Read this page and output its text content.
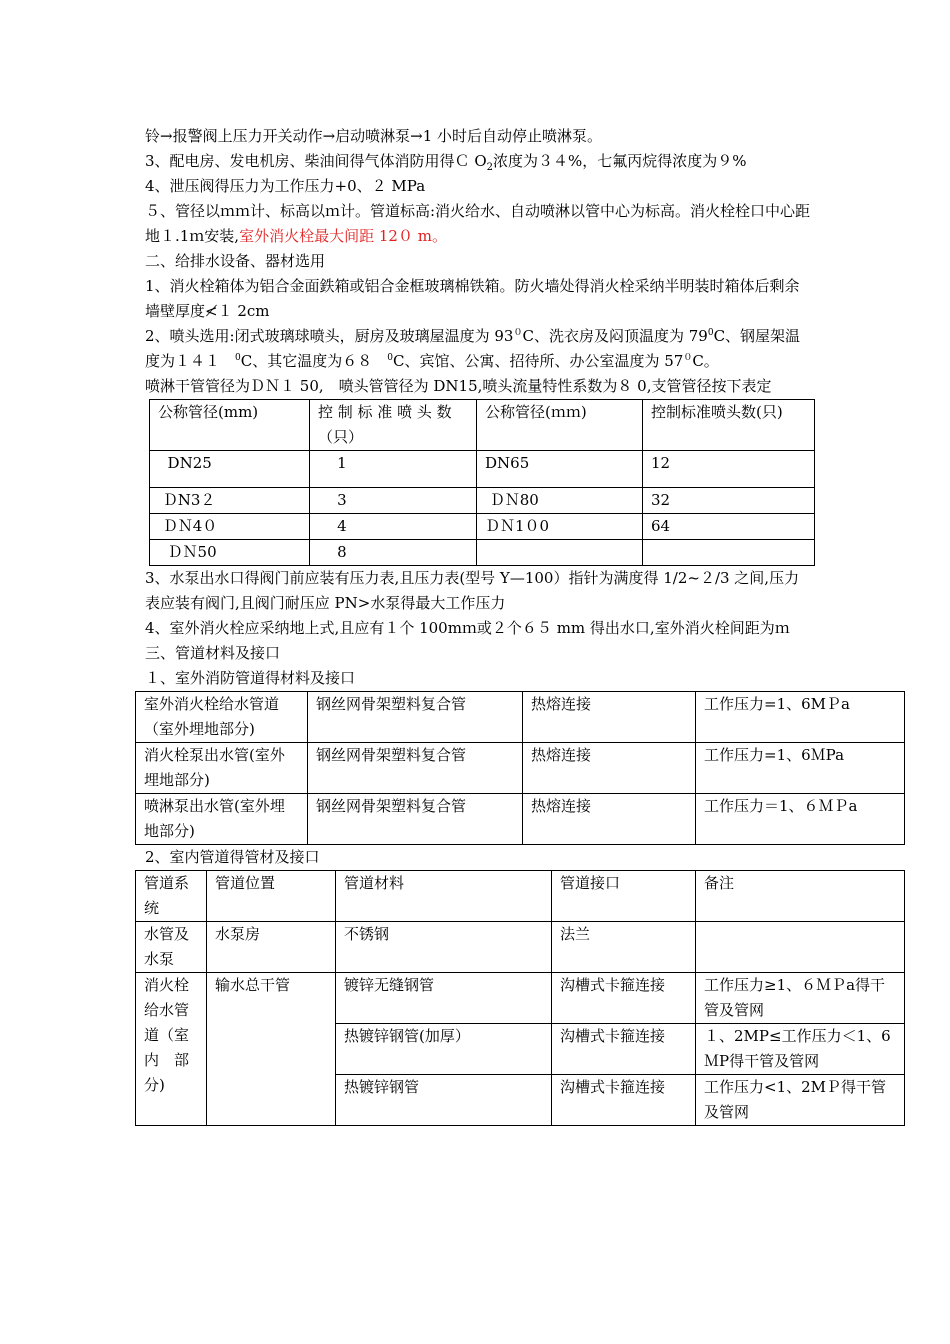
铃→报警阀上压力开关动作→启动喷淋泵→1 小时后自动停止喷淋泵。

3、配电房、发电机房、柴油间得气体消防用得Ｃ $O_2$浓度为３４%，七氟丙烷得浓度为９%

4、泄压阀得压力为工作压力+0、２ MPa

５、管径以ｍｍ计、标高以ｍ计。管道标高:消火给水、自动喷淋以管中心为标高。消火栓栓口中心距地１.1ｍ安装,室外消火栓最大间距 12０ m。

二、给排水设备、器材选用

1、消火栓箱体为铝合金面鉄箱或铝合金框玻璃棉铁箱。防火墙处得消火栓采纳半明装时箱体后剩余墙壁厚度≮１ 2cm

2、喷头选用:闭式玻璃球喷头，厨房及玻璃屋温度为 $93^0C$、洗衣房及闷顶温度为 $79^0C$、钢屋架温度为１４１　$^0$C、其它温度为６８　$^0$C、宾馆、公寓、招待所、办公室温度为 $57^0C$。

喷淋干管管径为ＤＮ１ 50,　喷头管管径为 DN15,喷头流量特性系数为８ 0,支管管径按下表定

公称管径(mm)	控 制 标 准 喷 头 数（只）	公称管径(ｍｍ)	控制标准喷头数(只)
DN25	1	DN65	12
ＤN3２	3	ＤＮ80	32
ＤＮ4０	4	ＤＮ1０0	64
ＤＮ50	8		

3、水泵出水口得阀门前应装有压力表,且压力表(型号 Y—100）指针为满度得 1/2~２/3 之间,压力表应装有阀门,且阀门耐压应 PN>水泵得最大工作压力

4、室外消火栓应采纳地上式,且应有１个 100mｍ或２个６５ mm 得出水口,室外消火栓间距为ｍ

三、管道材料及接口

１、室外消防管道得材料及接口

室外消火栓给水管道（室外埋地部分)	钢丝网骨架塑料复合管	热熔连接	工作压力=1、6MＰa
消火栓泵出水管(室外埋地部分)	钢丝网骨架塑料复合管	热熔连接	工作压力=1、6ＭPa
喷淋泵出水管(室外埋地部分)	钢丝网骨架塑料复合管	热熔连接	工作压力＝1、６ＭＰa

2、室内管道得管材及接口

管道系统	管道位置	管道材料	管道接口	备注
水管及水泵	水泵房	不锈钢	法兰	
消火栓给水管道（室内　部分)	输水总干管	镀锌无缝钢管	沟槽式卡箍连接	工作压力≥1、６ＭＰa得干管及管网
		热镀锌钢管(加厚）	沟槽式卡箍连接	１、2MP≤工作压力＜1、6ＭP得干管及管网
		热镀锌钢管	沟槽式卡箍连接	工作压力<1、2MＰ得干管及管网
